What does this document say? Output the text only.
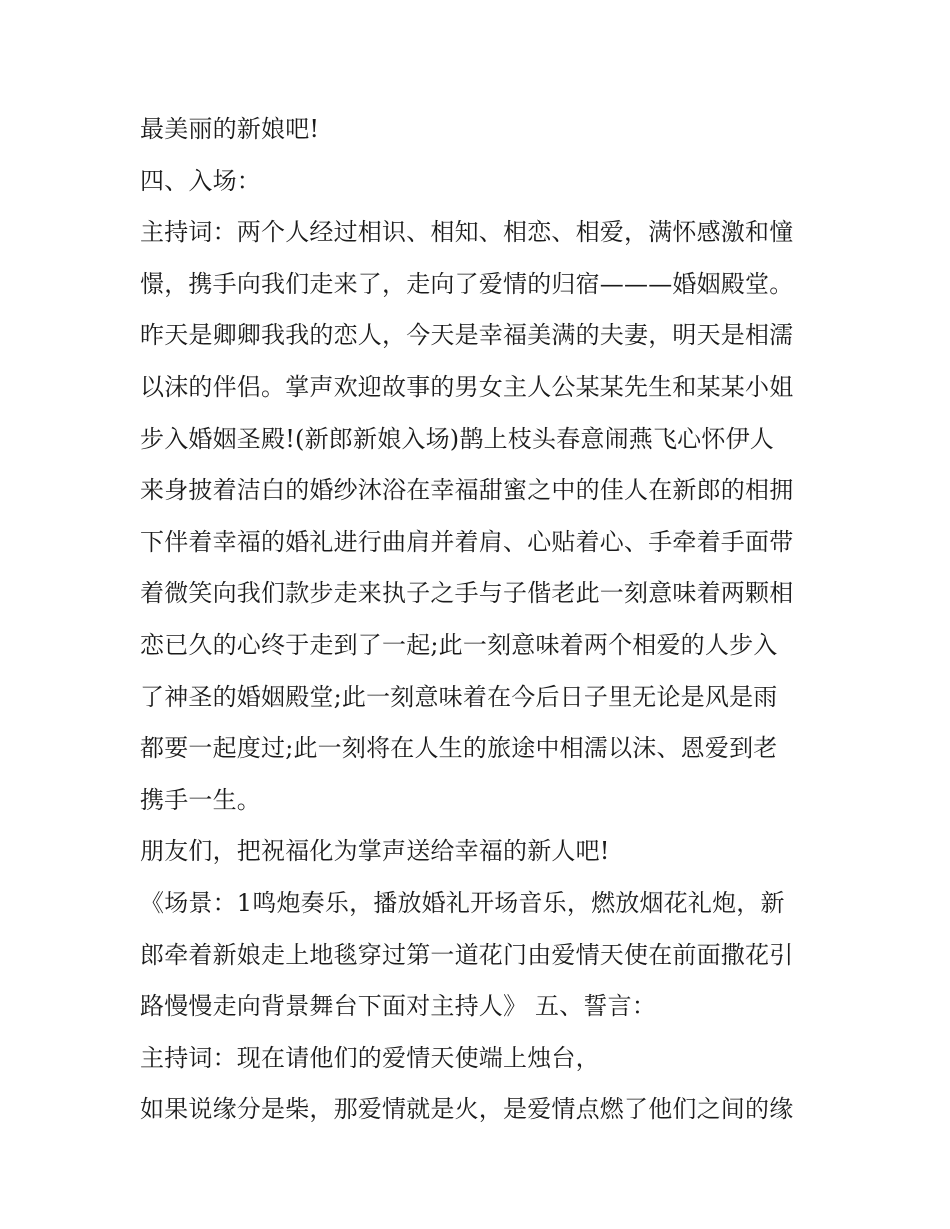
最美丽的新娘吧!

四、入场：

主持词：两个人经过相识、相知、相恋、相爱，满怀感激和憧

憬，携手向我们走来了，走向了爱情的归宿———婚姻殿堂。

昨天是卿卿我我的恋人，今天是幸福美满的夫妻，明天是相濡

以沫的伴侣。掌声欢迎故事的男女主人公某某先生和某某小姐

步入婚姻圣殿!(新郎新娘入场)鹊上枝头春意闹燕飞心怀伊人

来身披着洁白的婚纱沐浴在幸福甜蜜之中的佳人在新郎的相拥

下伴着幸福的婚礼进行曲肩并着肩、心贴着心、手牵着手面带

着微笑向我们款步走来执子之手与子偕老此一刻意味着两颗相

恋已久的心终于走到了一起;此一刻意味着两个相爱的人步入

了神圣的婚姻殿堂;此一刻意味着在今后日子里无论是风是雨

都要一起度过;此一刻将在人生的旅途中相濡以沫、恩爱到老

携手一生。

朋友们，把祝福化为掌声送给幸福的新人吧!

《场景：1鸣炮奏乐，播放婚礼开场音乐，燃放烟花礼炮，新

郎牵着新娘走上地毯穿过第一道花门由爱情天使在前面撒花引

路慢慢走向背景舞台下面对主持人》 五、誓言：

主持词：现在请他们的爱情天使端上烛台，

如果说缘分是柴，那爱情就是火，是爱情点燃了他们之间的缘
